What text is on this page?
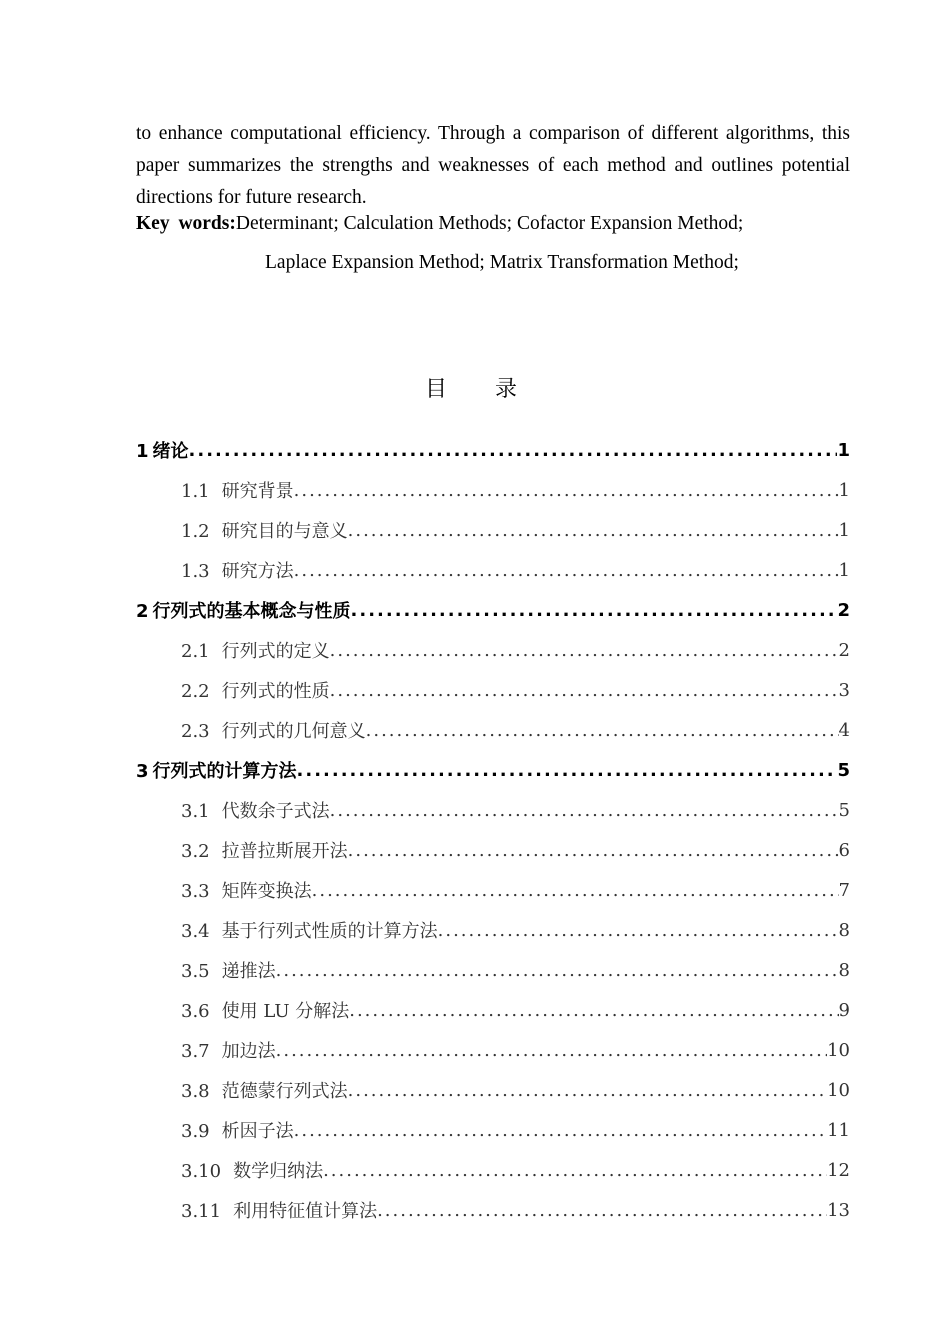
to enhance computational efficiency. Through a comparison of different algorithms, this paper summarizes the strengths and weaknesses of each method and outlines potential directions for future research.

Key words:Determinant; Calculation Methods; Cofactor Expansion Method;
Laplace Expansion Method; Matrix Transformation Method;
目录
1 绪论 .....	1
1.1 研究背景 .....	1
1.2 研究目的与意义 .....	1
1.3 研究方法 .....	1
2 行列式的基本概念与性质 .....	2
2.1 行列式的定义 .....	2
2.2 行列式的性质 .....	3
2.3 行列式的几何意义 .....	4
3 行列式的计算方法 .....	5
3.1 代数余子式法 .....	5
3.2 拉普拉斯展开法 .....	6
3.3 矩阵变换法 .....	7
3.4 基于行列式性质的计算方法 .....	8
3.5 递推法 .....	8
3.6 使用 LU 分解法 .....	9
3.7 加边法 .....	10
3.8 范德蒙行列式法 .....	10
3.9 析因子法 .....	11
3.10 数学归纳法 .....	12
3.11 利用特征值计算法 .....	13
